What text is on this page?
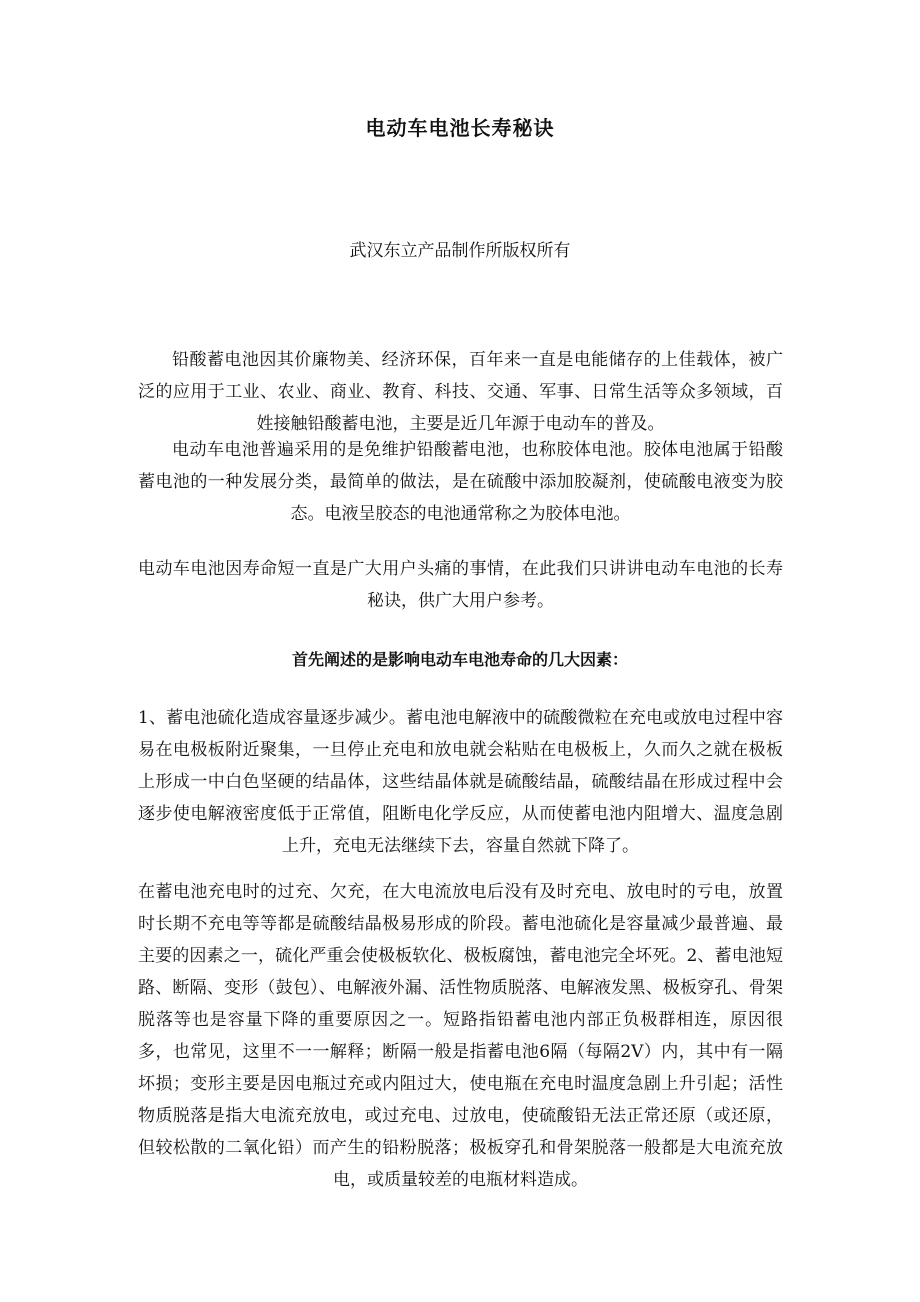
电动车电池长寿秘诀
武汉东立产品制作所版权所有

铅酸蓄电池因其价廉物美、经济环保，百年来一直是电能储存的上佳载体，被广泛的应用于工业、农业、商业、教育、科技、交通、军事、日常生活等众多领域，百姓接触铅酸蓄电池，主要是近几年源于电动车的普及。

电动车电池普遍采用的是免维护铅酸蓄电池，也称胶体电池。胶体电池属于铅酸蓄电池的一种发展分类，最简单的做法，是在硫酸中添加胶凝剂，使硫酸电液变为胶态。电液呈胶态的电池通常称之为胶体电池。

电动车电池因寿命短一直是广大用户头痛的事情，在此我们只讲讲电动车电池的长寿秘诀，供广大用户参考。

首先阐述的是影响电动车电池寿命的几大因素：

1、蓄电池硫化造成容量逐步减少。蓄电池电解液中的硫酸微粒在充电或放电过程中容易在电极板附近聚集，一旦停止充电和放电就会粘贴在电极板上，久而久之就在极板上形成一中白色坚硬的结晶体，这些结晶体就是硫酸结晶，硫酸结晶在形成过程中会逐步使电解液密度低于正常值，阻断电化学反应，从而使蓄电池内阻增大、温度急剧上升，充电无法继续下去，容量自然就下降了。

在蓄电池充电时的过充、欠充，在大电流放电后没有及时充电、放电时的亏电，放置时长期不充电等等都是硫酸结晶极易形成的阶段。蓄电池硫化是容量减少最普遍、最主要的因素之一，硫化严重会使极板软化、极板腐蚀，蓄电池完全坏死。2、蓄电池短路、断隔、变形（鼓包）、电解液外漏、活性物质脱落、电解液发黑、极板穿孔、骨架脱落等也是容量下降的重要原因之一。短路指铅蓄电池内部正负极群相连，原因很多，也常见，这里不一一解释；断隔一般是指蓄电池6隔（每隔2V）内，其中有一隔坏损；变形主要是因电瓶过充或内阻过大，使电瓶在充电时温度急剧上升引起；活性物质脱落是指大电流充放电，或过充电、过放电，使硫酸铅无法正常还原（或还原，但较松散的二氧化铅）而产生的铅粉脱落；极板穿孔和骨架脱落一般都是大电流充放电，或质量较差的电瓶材料造成。
